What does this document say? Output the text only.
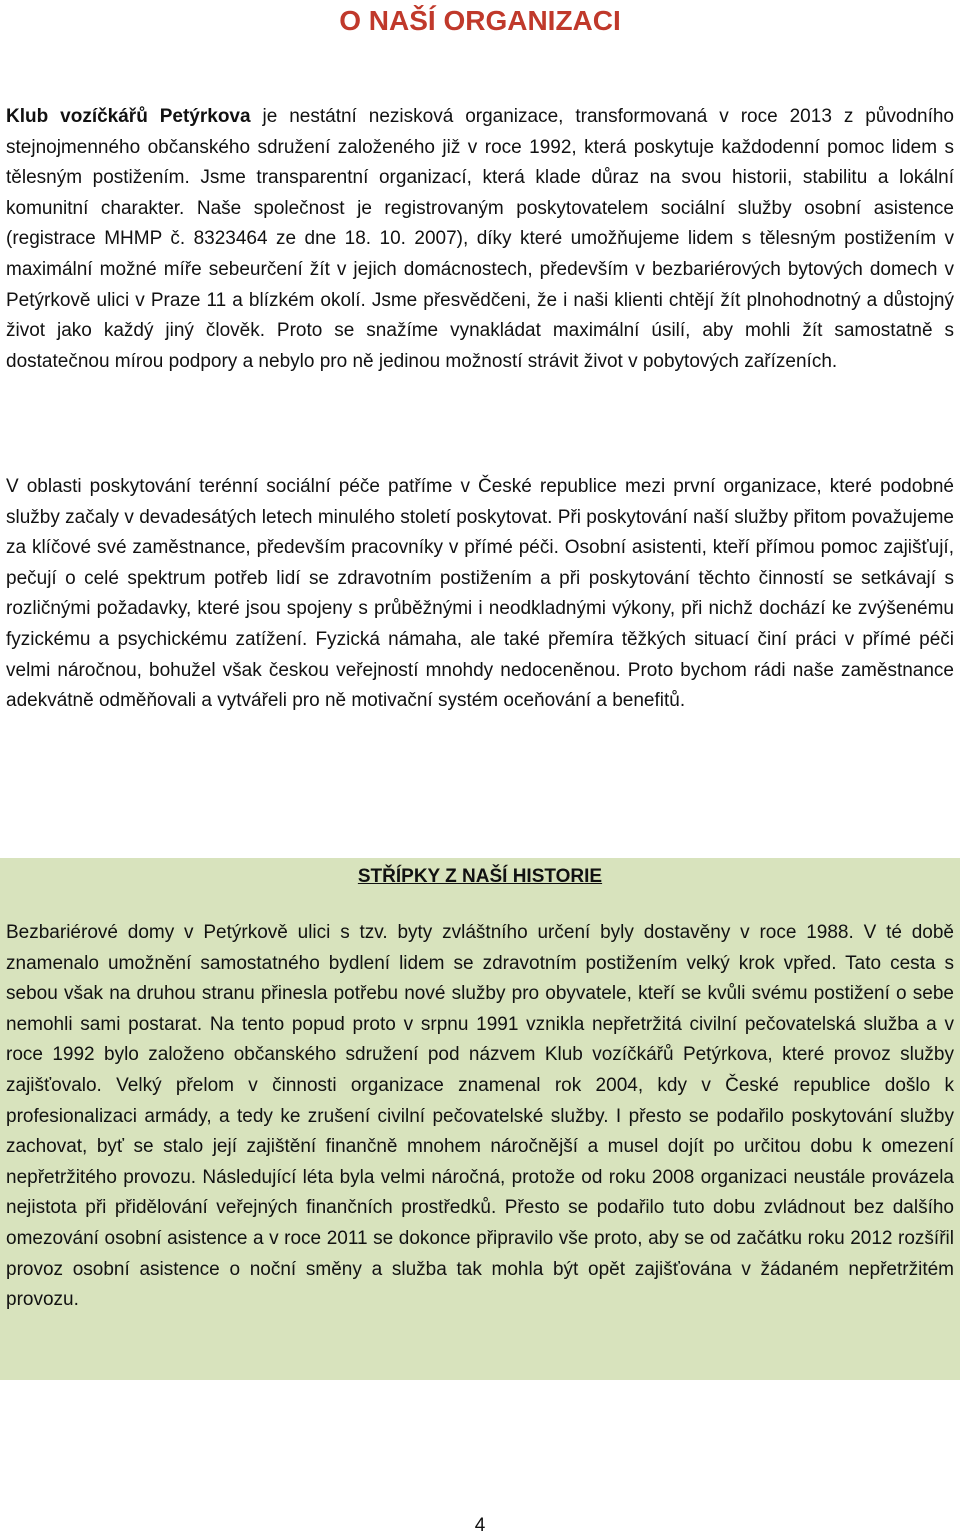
O NAŠÍ ORGANIZACI

Klub vozíčkářů Petýrkova je nestátní nezisková organizace, transformovaná v roce 2013 z původního stejnojmenného občanského sdružení založeného již v roce 1992, která poskytuje každodenní pomoc lidem s tělesným postižením. Jsme transparentní organizací, která klade důraz na svou historii, stabilitu a lokální komunitní charakter. Naše společnost je registrovaným poskytovatelem sociální služby osobní asistence (registrace MHMP č. 8323464 ze dne 18. 10. 2007), díky které umožňujeme lidem s tělesným postižením v maximální možné míře sebeurčení žít v jejich domácnostech, především v bezbariérových bytových domech v Petýrkově ulici v Praze 11 a blízkém okolí. Jsme přesvědčeni, že i naši klienti chtějí žít plnohodnotný a důstojný život jako každý jiný člověk. Proto se snažíme vynakládat maximální úsilí, aby mohli žít samostatně s dostatečnou mírou podpory a nebylo pro ně jedinou možností strávit život v pobytových zařízeních.

V oblasti poskytování terénní sociální péče patříme v České republice mezi první organizace, které podobné služby začaly v devadesátých letech minulého století poskytovat. Při poskytování naší služby přitom považujeme za klíčové své zaměstnance, především pracovníky v přímé péči. Osobní asistenti, kteří přímou pomoc zajišťují, pečují o celé spektrum potřeb lidí se zdravotním postižením a při poskytování těchto činností se setkávají s rozličnými požadavky, které jsou spojeny s průběžnými i neodkladnými výkony, při nichž dochází ke zvýšenému fyzickému a psychickému zatížení. Fyzická námaha, ale také přemíra těžkých situací činí práci v přímé péči velmi náročnou, bohužel však českou veřejností mnohdy nedoceněnou. Proto bychom rádi naše zaměstnance adekvátně odměňovali a vytvářeli pro ně motivační systém oceňování a benefitů.

STŘÍPKY Z NAŠÍ HISTORIE

Bezbariérové domy v Petýrkově ulici s tzv. byty zvláštního určení byly dostavěny v roce 1988. V té době znamenalo umožnění samostatného bydlení lidem se zdravotním postižením velký krok vpřed. Tato cesta s sebou však na druhou stranu přinesla potřebu nové služby pro obyvatele, kteří se kvůli svému postižení o sebe nemohli sami postarat. Na tento popud proto v srpnu 1991 vznikla nepřetržitá civilní pečovatelská služba a v roce 1992 bylo založeno občanského sdružení pod názvem Klub vozíčkářů Petýrkova, které provoz služby zajišťovalo. Velký přelom v činnosti organizace znamenal rok 2004, kdy v České republice došlo k profesionalizaci armády, a tedy ke zrušení civilní pečovatelské služby. I přesto se podařilo poskytování služby zachovat, byť se stalo její zajištění finančně mnohem náročnější a musel dojít po určitou dobu k omezení nepřetržitého provozu. Následující léta byla velmi náročná, protože od roku 2008 organizaci neustále provázela nejistota při přidělování veřejných finančních prostředků. Přesto se podařilo tuto dobu zvládnout bez dalšího omezování osobní asistence a v roce 2011 se dokonce připravilo vše proto, aby se od začátku roku 2012 rozšířil provoz osobní asistence o noční směny a služba tak mohla být opět zajišťována v žádaném nepřetržitém provozu.

4
